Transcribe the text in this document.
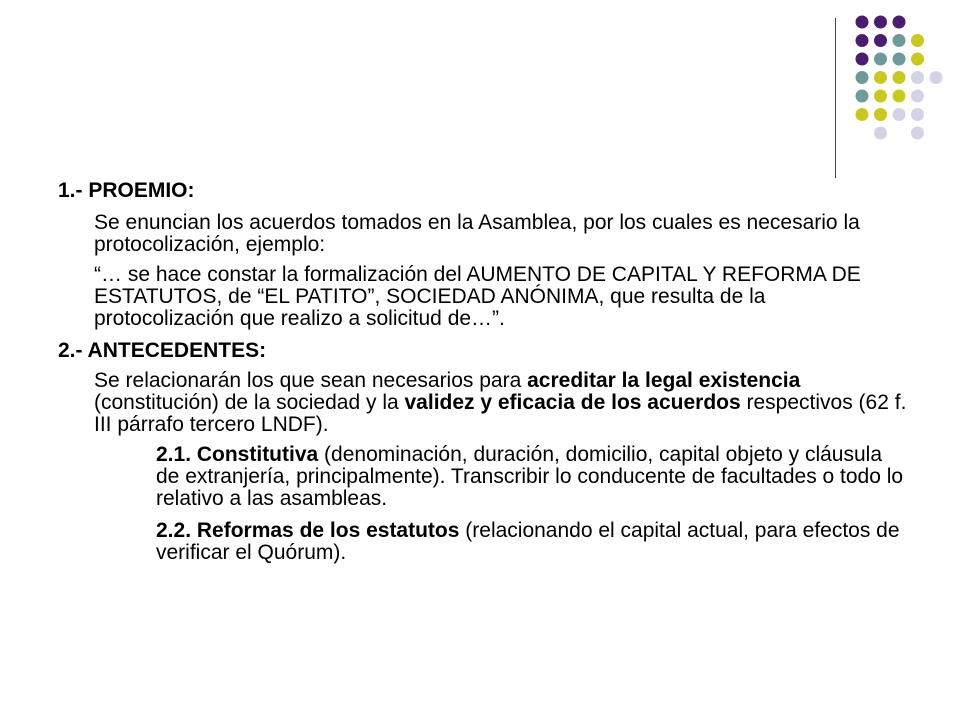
1.- PROEMIO:
Se enuncian los acuerdos tomados en la Asamblea, por los cuales es necesario la protocolización, ejemplo:
“… se hace constar la formalización del AUMENTO DE CAPITAL Y REFORMA DE ESTATUTOS, de “EL PATITO”, SOCIEDAD ANÓNIMA, que resulta de la protocolización que realizo a solicitud de…”.
2.- ANTECEDENTES:
Se relacionarán los que sean necesarios para acreditar la legal existencia (constitución) de la sociedad y la validez y eficacia de los acuerdos respectivos (62 f. III párrafo tercero LNDF).
2.1. Constitutiva (denominación, duración, domicilio, capital objeto y cláusula de extranjería, principalmente). Transcribir lo conducente de facultades o todo lo relativo a las asambleas.
2.2. Reformas de los estatutos (relacionando el capital actual, para efectos de verificar el Quórum).
